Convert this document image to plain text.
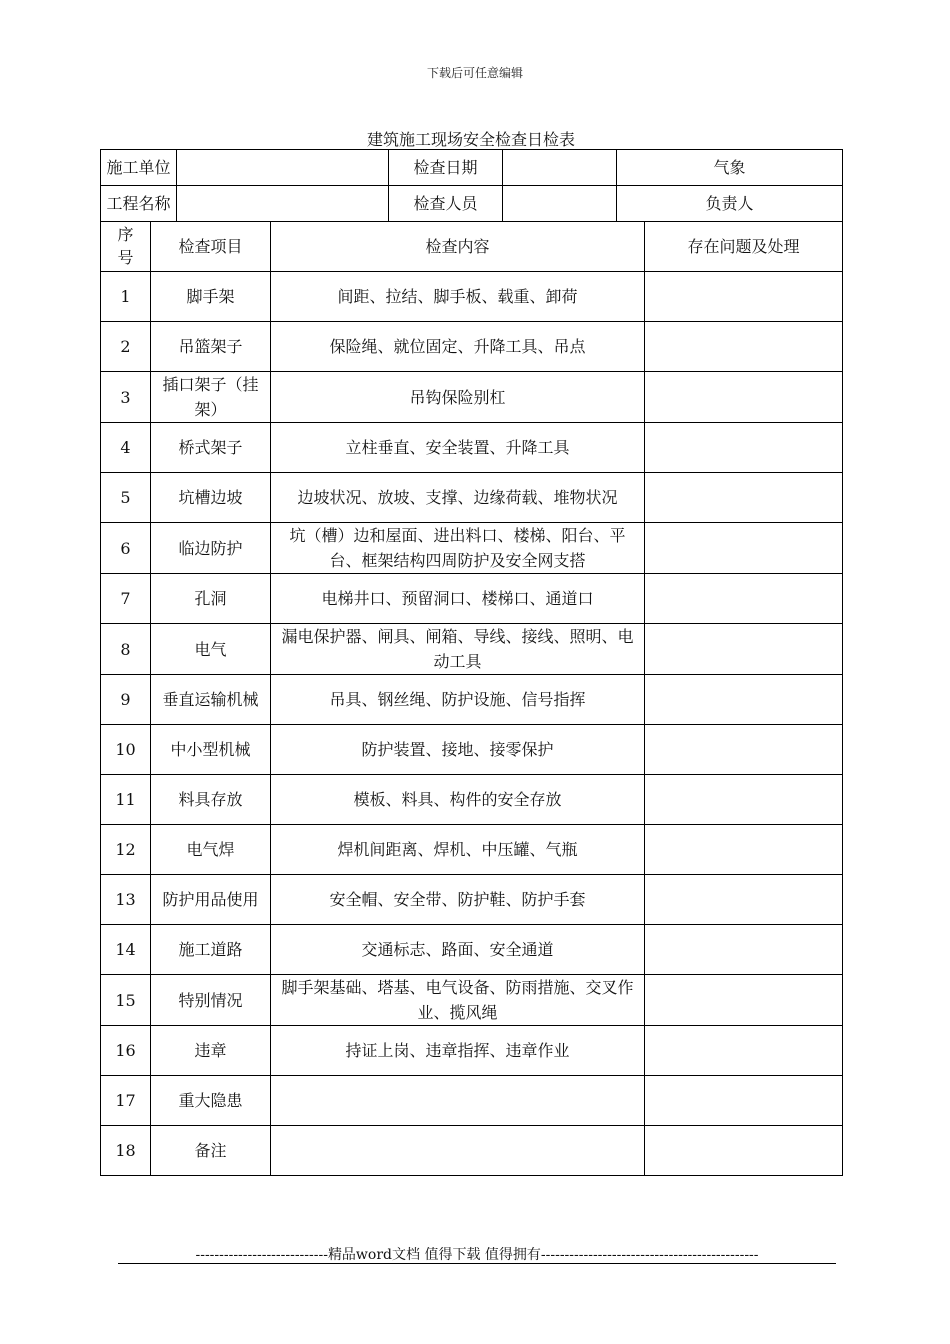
下载后可任意编辑
建筑施工现场安全检查日检表
施工单位				检查日期		气象		
工程名称				检查人员		负责人		
序号	检查项目		检查内容				存在问题及处理	
1	脚手架		间距、拉结、脚手板、载重、卸荷					
2	吊篮架子		保险绳、就位固定、升降工具、吊点					
3	插口架子（挂架）		吊钩保险别杠					
4	桥式架子		立柱垂直、安全装置、升降工具					
5	坑槽边坡		边坡状况、放坡、支撑、边缘荷载、堆物状况					
6	临边防护		坑（槽）边和屋面、进出料口、楼梯、阳台、平台、框架结构四周防护及安全网支搭					
7	孔洞		电梯井口、预留洞口、楼梯口、通道口					
8	电气		漏电保护器、闸具、闸箱、导线、接线、照明、电动工具					
9	垂直运输机械		吊具、钢丝绳、防护设施、信号指挥					
10	中小型机械		防护装置、接地、接零保护					
11	料具存放		模板、料具、构件的安全存放					
12	电气焊		焊机间距离、焊机、中压罐、气瓶					
13	防护用品使用		安全帽、安全带、防护鞋、防护手套					
14	施工道路		交通标志、路面、安全通道					
15	特别情况		脚手架基础、塔基、电气设备、防雨措施、交叉作业、揽风绳					
16	违章		持证上岗、违章指挥、违章作业					
17	重大隐患							
18	备注							
----------------------------精品word文档 值得下载 值得拥有----------------------------------------------
